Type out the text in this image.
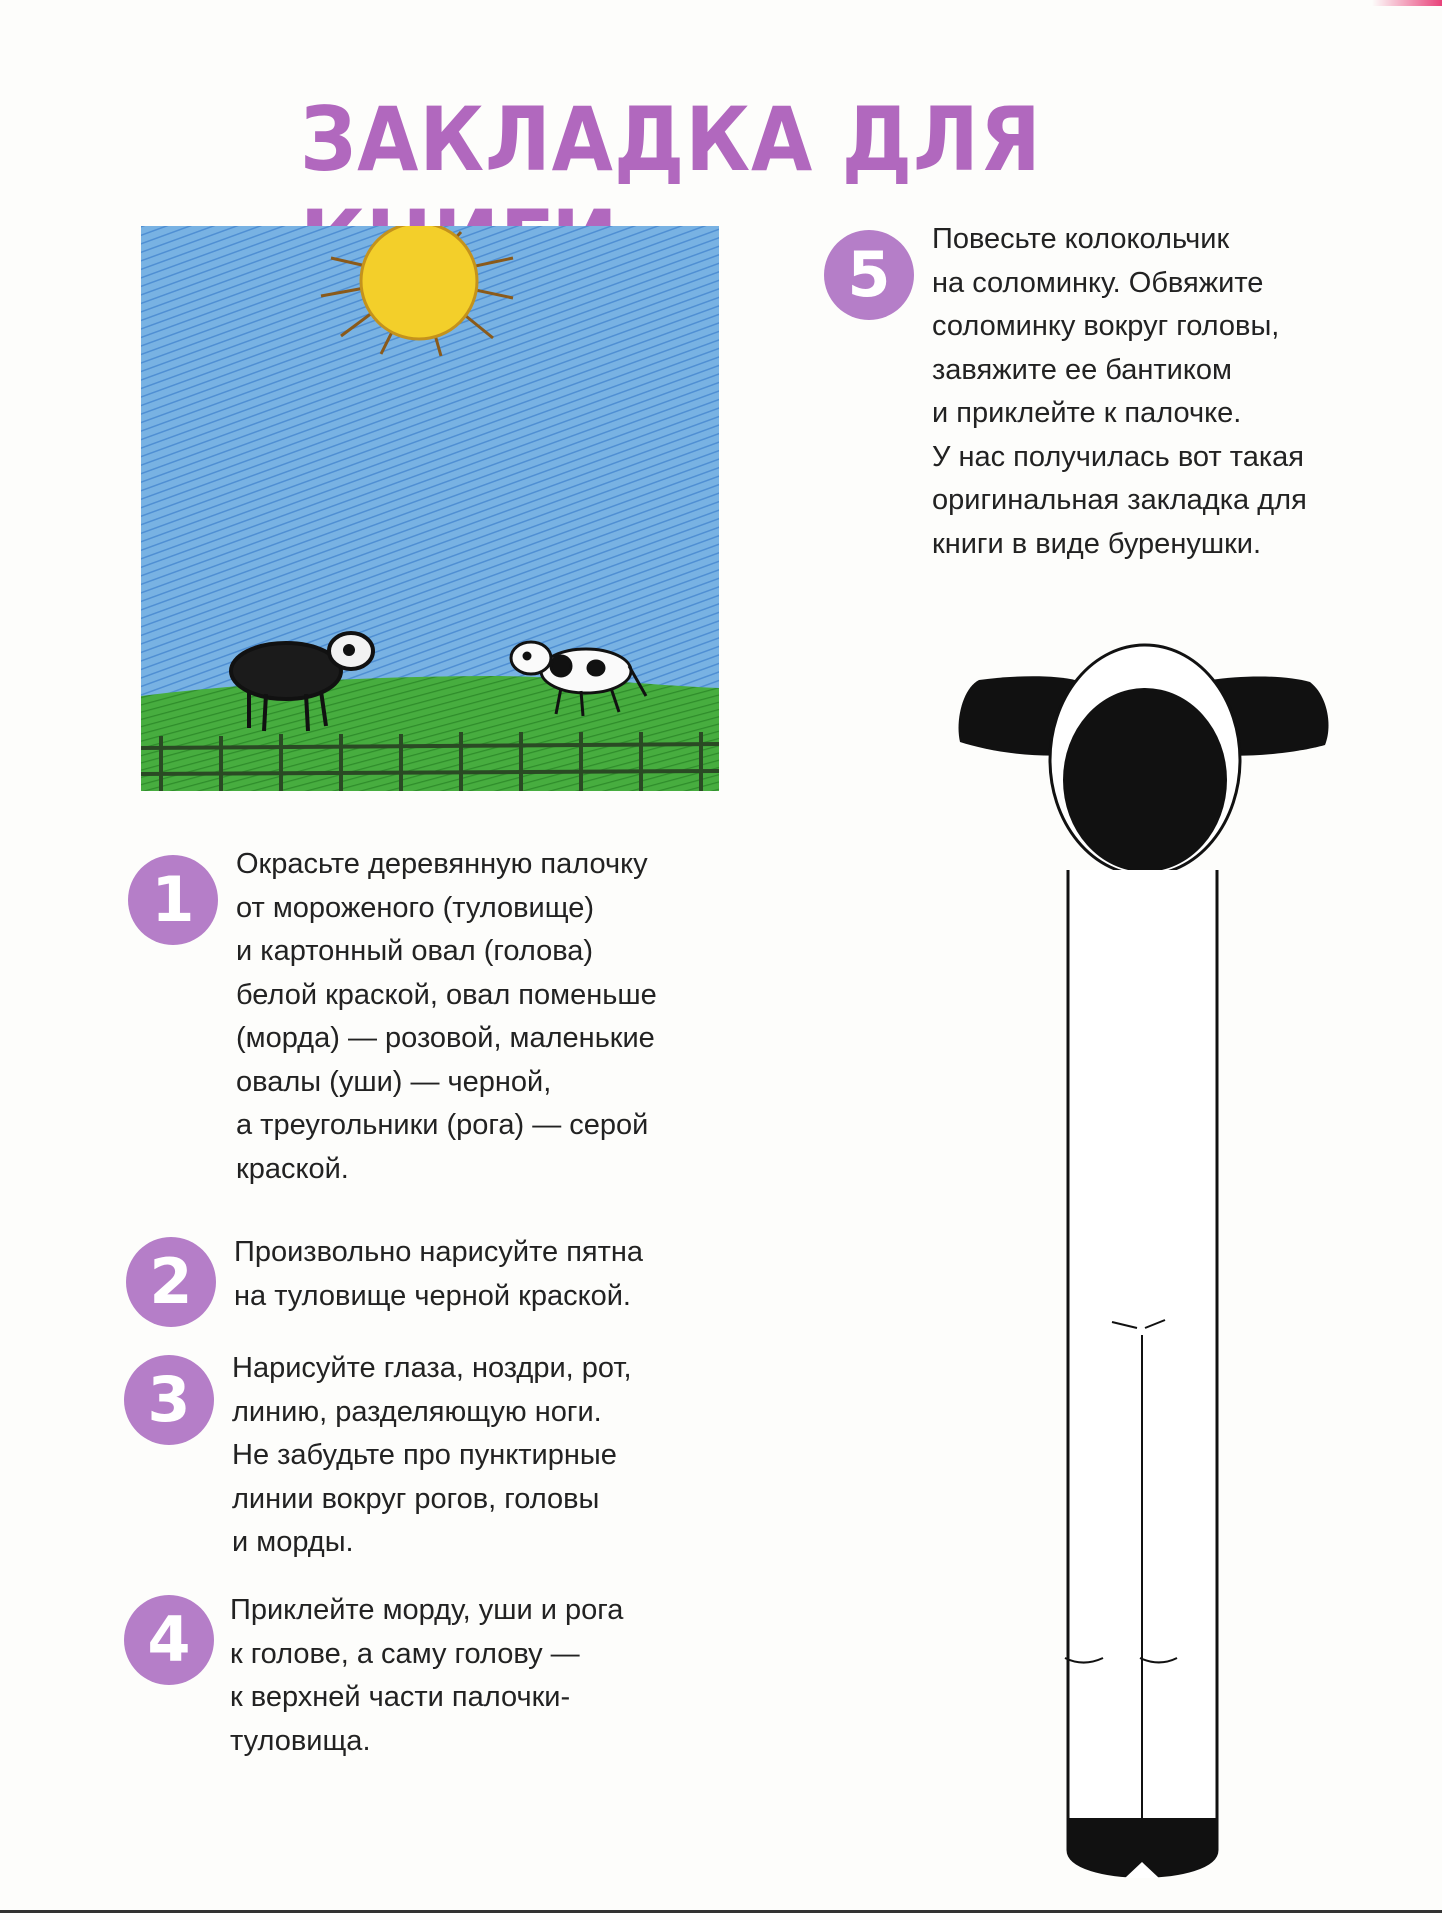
ЗАКЛАДКА ДЛЯ
1	Окрасьте деревянную палочку
от мороженого (туловище)
и картонный овал (голова)
белой краской, овал поменьше
(морда) — розовой, маленькие
овалы (уши) — черной,
а треугольники (рога) — серой
краской.
2	Произвольно нарисуйте пятна
на туловище черной краской.
3	Нарисуйте глаза, ноздри, рот,
линию, разделяющую ноги.
Не забудьте про пунктирные
линии вокруг рогов, головы
и морды.
4	Приклейте морду, уши и рога
к голове, а саму голову —
к верхней части палочки-
туловища.
5	Повесьте колокольчик
на соломинку. Обвяжите
соломинку вокруг головы,
завяжите ее бантиком
и приклейте к палочке.
У нас получилась вот такая
оригинальная закладка для
книги в виде буренушки.
